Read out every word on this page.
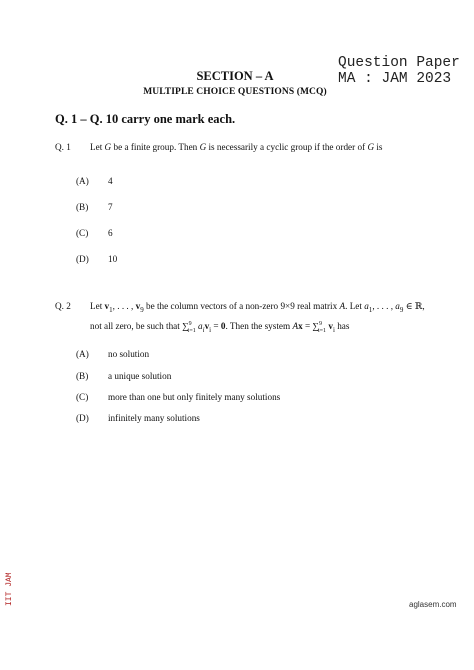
Question Paper
MA : JAM 2023
SECTION – A
MULTIPLE CHOICE QUESTIONS (MCQ)
Q. 1 – Q. 10 carry one mark each.
Q. 1 Let G be a finite group. Then G is necessarily a cyclic group if the order of G is
(A)	4
(B)	7
(C)	6
(D)	10
Q. 2 Let $v_1$, . . . , $v_9$ be the column vectors of a non-zero 9×9 real matrix A. Let $a_1$, . . . , $a_9$ ∈ ℝ,
not all zero, be such that ∑$^9_{i=1}$ $a_iv_i = 0$. Then the system Ax = ∑$^9_{i=1}$ $v_i$ has
(A)	no solution
(B)	a unique solution
(C)	more than one but only finitely many solutions
(D)	infinitely many solutions
IIT JAM	aglasem.com
